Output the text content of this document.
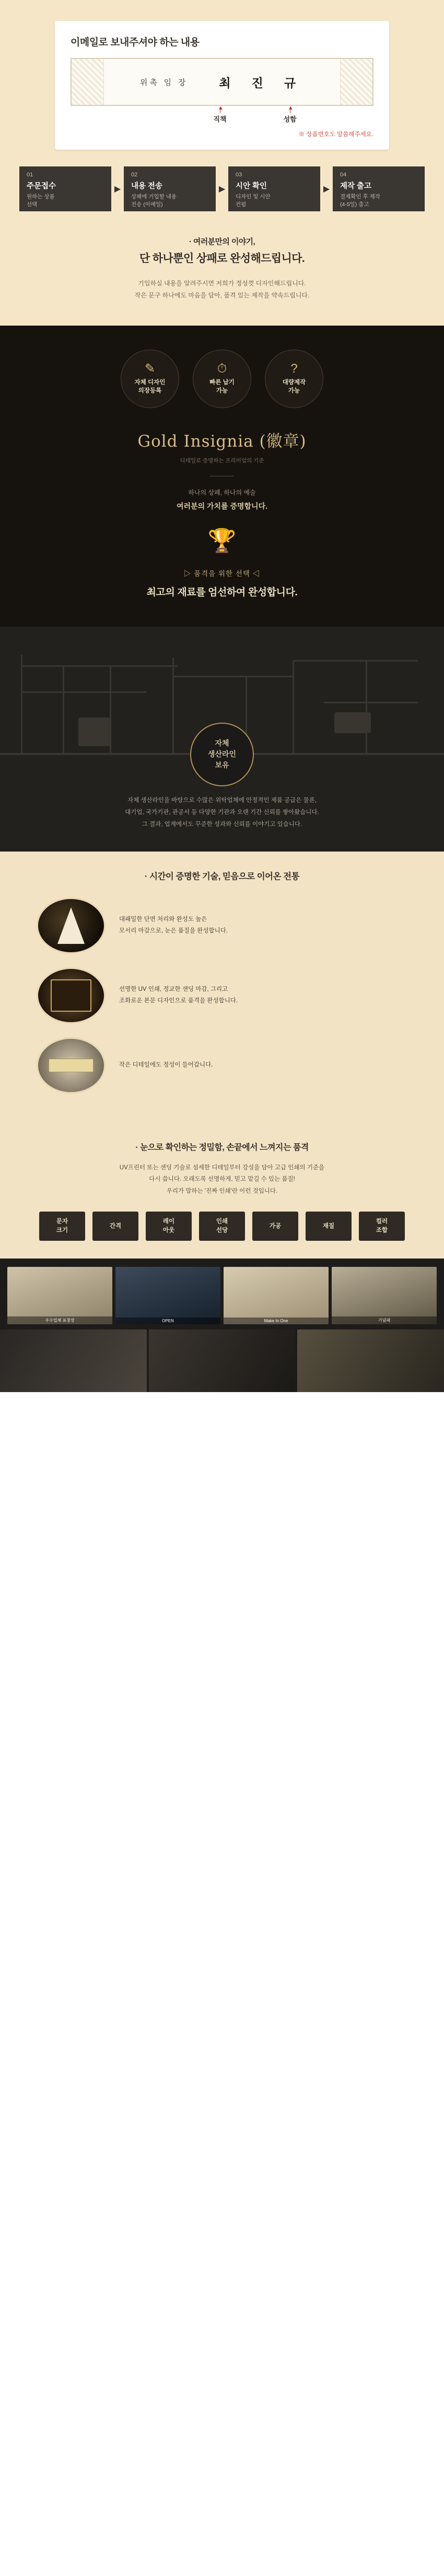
이메일로 보내주셔야 하는 내용
위촉 임 장	최 진 규
▲
직책
▲
성함
※ 상품번호도 말씀해주세요.
01
주문접수
원하는 상품
선택
▶
02
내용 전송
상패에 기입할 내용
전송 (이메일)
▶
03
시안 확인
디자인 및 시안
컨펌
▶
04
제작 출고
결제확인 후 제작
(4-5일) 출고
· 여러분만의 이야기,
단 하나뿐인 상패로 완성해드립니다.

기입하실 내용을 알려주시면 저희가 정성껏 디자인해드립니다.
작은 문구 하나에도 마음을 담아, 품격 있는 제작을 약속드립니다.

✎
자체 디자인
의장등록
⏱
빠른 납기
가능
?
대량제작
가능
Gold Insignia (徽章)
디테일로 증명하는 프리미엄의 기준
하나의 상패, 하나의 예술
여러분의 가치를 증명합니다.
🏆
▷ 품격을 위한 선택 ◁
최고의 재료를 엄선하여 완성합니다.
자체
생산라인
보유
자체 생산라인을 바탕으로 수많은 위탁업체에 안정적인 제품 공급은 물론,
대기업, 국가기관, 관공서 등 다양한 기관과 오랜 기간 신뢰를 쌓아왔습니다.
그 결과, 업계에서도 꾸준한 성과와 신뢰를 이야기고 있습니다.
· 시간이 증명한 기술, 믿음으로 이어온 전통
대패밀한 단면 처리와 완성도 높은
모서리 마감으로, 눈은 품질을 완성합니다.
선명한 UV 인쇄, 정교한 샌딩 마감, 그리고
조화로운 본문 디자인으로 품격을 완성합니다.
작은 디테일에도 정성이 들어갑니다.
· 눈으로 확인하는 정밀함, 손끝에서 느껴지는 품격
UV프린터 또는 샌딩 기술로 섬세한 디테일부터 강성을 담아 고급 인쇄의 기준을
다시 씁니다. 오래도록 선명하게, 믿고 맡길 수 있는 품질!
우리가 말하는 '진짜 인쇄'란 이런 것입니다.
문자
크기
간격
레이
아웃
인쇄
선당
가공	재질
컬러
조합
우수업체 표창장	OPEN	Make In One	기념패
